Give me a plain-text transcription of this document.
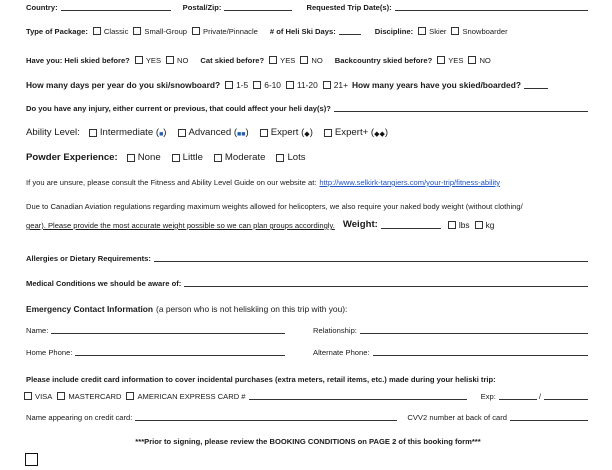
Country:	Postal/Zip:	Requested Trip Date(s):
Type of Package: Classic Small-Group Private/Pinnacle # of Heli Ski Days:	Discipline: Skier Snowboarder
Have you: Heli skied before? YES NO Cat skied before? YES NO Backcountry skied before? YES NO
How many days per year do you ski/snowboard? 1-5 6-10 11-20 21+ How many years have you skied/boarded?
Do you have any injury, either current or previous, that could affect your heli day(s)?
Ability Level: Intermediate ( ■ ) Advanced ( ■■ ) Expert ( ◆ ) Expert+ ( ◆◆ )
Powder Experience: None Little Moderate Lots
If you are unsure, please consult the Fitness and Ability Level Guide on our website at: http://www.selkirk-tangiers.com/your-trip/fitness-ability
Due to Canadian Aviation regulations regarding maximum weights allowed for helicopters, we also require your naked body weight (without clothing/
gear). Please provide the most accurate weight possible so we can plan groups accordingly. Weight:	lbs kg
Allergies or Dietary Requirements:
Medical Conditions we should be aware of:
Emergency Contact Information (a person who is not heliskiing on this trip with you):
Name:	Relationship:
Home Phone:	Alternate Phone:
Please include credit card information to cover incidental purchases (extra meters, retail items, etc.) made during your heliski trip:
VISA MASTERCARD AMERICAN EXPRESS CARD #	Exp:	/
Name appearing on credit card:	CVV2 number at back of card
***Prior to signing, please review the BOOKING CONDITIONS on PAGE 2 of this booking form***
